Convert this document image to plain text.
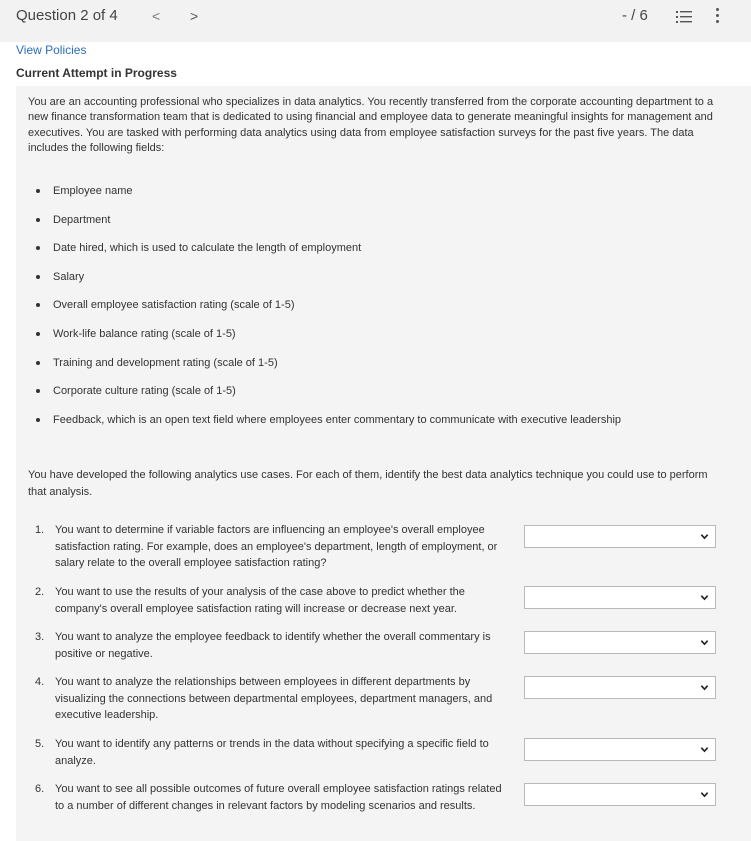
Question 2 of 4 < >	- / 6
View Policies
Current Attempt in Progress
You are an accounting professional who specializes in data analytics. You recently transferred from the corporate accounting department to a new finance transformation team that is dedicated to using financial and employee data to generate meaningful insights for management and executives. You are tasked with performing data analytics using data from employee satisfaction surveys for the past five years. The data includes the following fields:
Employee name
Department
Date hired, which is used to calculate the length of employment
Salary
Overall employee satisfaction rating (scale of 1-5)
Work-life balance rating (scale of 1-5)
Training and development rating (scale of 1-5)
Corporate culture rating (scale of 1-5)
Feedback, which is an open text field where employees enter commentary to communicate with executive leadership
You have developed the following analytics use cases. For each of them, identify the best data analytics technique you could use to perform that analysis.
1. You want to determine if variable factors are influencing an employee's overall employee satisfaction rating. For example, does an employee's department, length of employment, or salary relate to the overall employee satisfaction rating?
2. You want to use the results of your analysis of the case above to predict whether the company's overall employee satisfaction rating will increase or decrease next year.
3. You want to analyze the employee feedback to identify whether the overall commentary is positive or negative.
4. You want to analyze the relationships between employees in different departments by visualizing the connections between departmental employees, department managers, and executive leadership.
5. You want to identify any patterns or trends in the data without specifying a specific field to analyze.
6. You want to see all possible outcomes of future overall employee satisfaction ratings related to a number of different changes in relevant factors by modeling scenarios and results.
